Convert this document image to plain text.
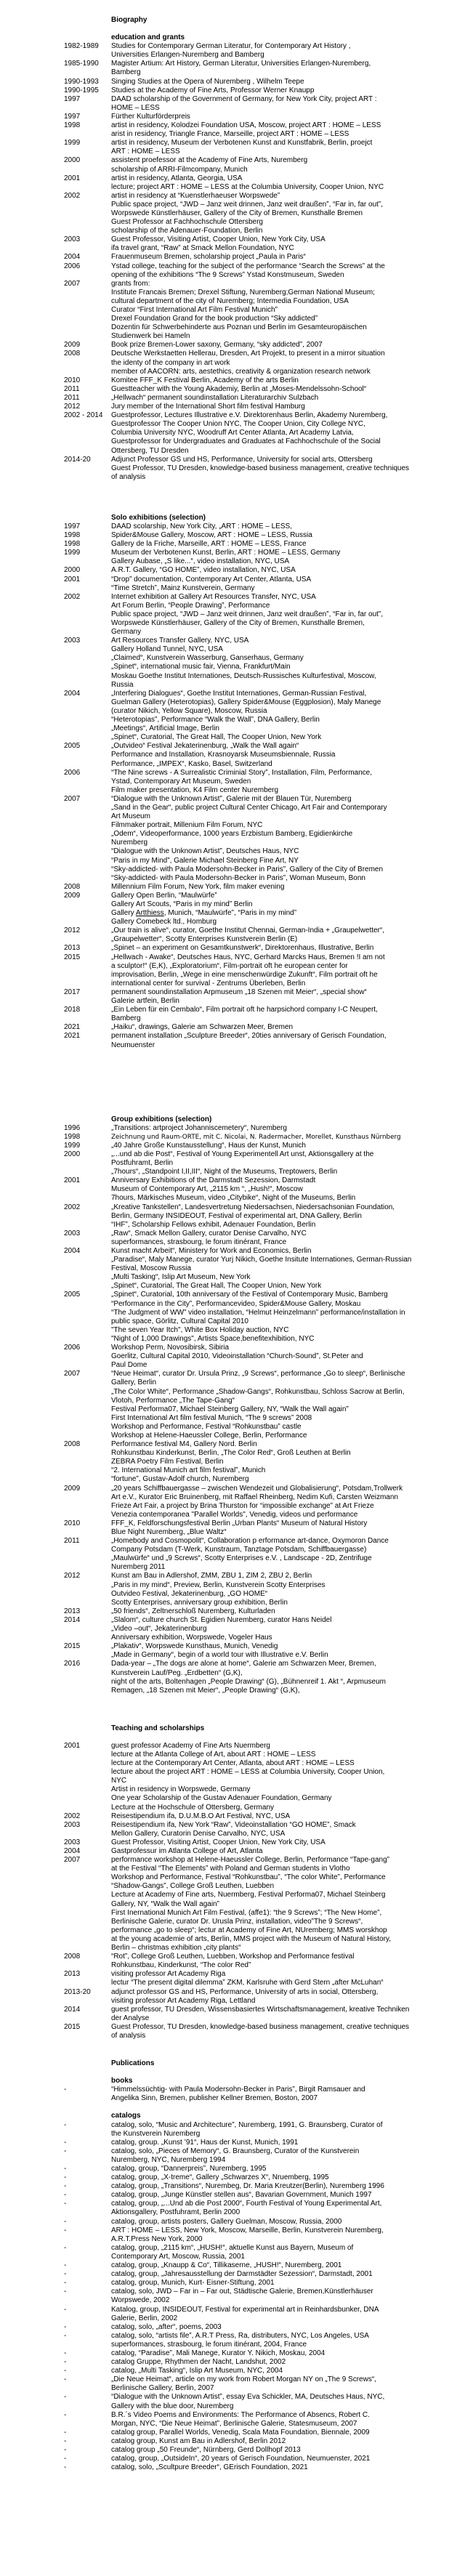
Biography
education and grants
1982-1989	Studies for Contemporary German Literatur, for Contemporary Art History ,
Universities Erlangen-Nuremberg and Bamberg
1985-1990	Magister Artium: Art History, German Literatur, Universities Erlangen-Nuremberg,
Bamberg
1990-1993	Singing Studies at the Opera of Nuremberg , Wilhelm Teepe
1990-1995	Studies at the Academy of Fine Arts, Professor Werner Knaupp
1997	DAAD scholarship of the Government of Germany, for New York City, project ART :
HOME – LESS
1997	Fürther Kulturförderpreis
1998	artist in residency, Kolodzei Foundation USA, Moscow, project ART : HOME – LESS
arist in residency, Triangle France, Marseille, project ART : HOME – LESS
1999	artist in residency, Museum der Verbotenen Kunst and Kunstfabrik, Berlin, proejct
ART : HOME – LESS
2000	assistent proefessor at the Academy of Fine Arts, Nuremberg
scholarship of ARRI-Filmcompany, Munich
2001	artist in residency, Atlanta, Georgia, USA
lecture; project ART : HOME – LESS at the Columbia University, Cooper Union, NYC
2002	artist in residency at “Kuenstlerhaeuser Worpswede”
Public space project, “JWD – Janz weit drinnen, Janz weit draußen”, “Far in, far out”,
Worpswede Künstlerhäuser, Gallery of the City of Bremen, Kunsthalle Bremen
Guest Professor at Fachhochschule Ottersberg
scholarship of the Adenauer-Foundation, Berlin
2003	Guest Professor, Visiting Artist, Cooper Union, New York City, USA
ifa travel grant, “Raw” at Smack Mellon Foundation, NYC
2004	Frauenmuseum Bremen, scholarship project „Paula in Paris“
2006	Ystad college, teaching for the subject of the performance “Search the Screws” at the
opening of the exhibitions “The 9 Screws” Ystad Konstmuseum, Sweden
2007	grants from:
Institute Francais Bremen; Drexel Stiftung, Nuremberg;German National Museum;
cultural department of the city of Nuremberg; Intermedia Foundation, USA
Curator “First International Art Film Festival Munich”
Drexel Foundation Grand for the book production “Sky addicted”
Dozentin für Schwerbehinderte aus Poznan und Berlin im Gesamteuropäischen
Studienwerk bei Hameln
2009	Book prize Bremen-Lower saxony, Germany, “sky addicted”, 2007
2008	Deutsche Werkstaetten Hellerau, Dresden, Art Projekt, to present in a mirror situation
the identy of the company in art work
member of AACORN: arts, aestethics, creativity & organization research network
2010	Komitee FFF_K Festival Berlin, Academy of the arts Berlin
2011	Guestteacher with the Young Akademiy, Berlin at „Moses-Mendelssohn-School“
2011	„Hellwach“ permanent soundinstallation Literaturarchiv Sulzbach
2012	Jury member of the International Short film festival Hamburg
2002 - 2014	Guestprofessor, Lectures Illustrative e.V. Direktorenhaus Berlin, Akademy Nuremberg,
Guestprofessor The Cooper Union NYC, The Cooper Union, City College NYC,
Columbia University NYC, Woodruff Art Center Atlanta, Art Academy Latvia,
Guestprofessor for Undergraduates and Graduates at Fachhochschule of the Social
Ottersberg, TU Dresden
2014-20	Adjunct Professor GS und HS, Performance, University for social arts, Ottersberg
Guest Professor, TU Dresden, knowledge-based business management, creative techniques
of analysis
Solo exhibitions (selection)
1997	DAAD scolarship, New York City, „ART : HOME – LESS,
1998	Spider&Mouse Gallery, Moscow, ART : HOME – LESS, Russia
1998	Gallery de la Friche, Marseille, ART : HOME – LESS, France
1999	Museum der Verbotenen Kunst, Berlin, ART : HOME – LESS, Germany
Gallery Aubase, „S like...“, video installation, NYC, USA
2000	A.R.T. Gallery, “GO HOME”, video installation, NYC, USA
2001	“Drop” documentation, Contemporary Art Center, Atlanta, USA
“Time Stretch”, Mainz Kunstverein, Germany
2002	Internet exhibition at Gallery Art Resources Transfer, NYC, USA
Art Forum Berlin, “People Drawing”, Performance
Public space project, “JWD – Janz weit drinnen, Janz weit draußen”, “Far in, far out”,
Worpswede Künstlerhäuser, Gallery of the City of Bremen, Kunsthalle Bremen,
Germany
2003	Art Resources Transfer Gallery, NYC, USA
Gallery Holland Tunnel, NYC, USA
„Claimed“, Kunstverein Wasserburg, Ganserhaus, Germany
„Spinet“, international music fair, Vienna, Frankfurt/Main
Moskau Goethe Institut Internationes, Deutsch-Russisches Kulturfestival, Moscow,
Russia
2004	„Interfering Dialogues“, Goethe Institut Internationes, German-Russian Festival,
Guelman Gallery (Heterotopias), Gallery Spider&Mouse (Eggplosion), Maly Manege
(curator Nikich, Yellow Square), Moscow, Russia
“Heterotopias”, Performance “Walk the Wall”, DNA Gallery, Berlin
„Meetings“, Artificial Image, Berlin
„Spinet“, Curatorial, The Great Hall, The Cooper Union, New York
2005	„Outvideo“ Festival Jekaterinenburg, „Walk the Wall again“
Performance and Installation, Krasnoyarsk Museumsbiennale, Russia
Performance, „IMPEX“, Kasko, Basel, Switzerland
2006	“The Nine screws - A Surrealistic Criminial Story”, Installation, Film, Performance,
Ystad, Contemporary Art Museum, Sweden
Film maker presentation, K4 Film center Nuremberg
2007	“Dialogue with the Unknown Artist”, Galerie mit der Blauen Tür, Nuremberg
„Sand in the Gear“, public project Cultural Center Chicago, Art Fair and Contemporary
Art Museum
Filmmaker portrait, Millenium Film Forum, NYC
„Odem“, Videoperformance, 1000 years Erzbistum Bamberg, Egidienkirche
Nuremberg
“Dialogue with the Unknown Artist”, Deutsches Haus, NYC
“Paris in my Mind”, Galerie Michael Steinberg Fine Art, NY
“Sky-addicted- with Paula Modersohn-Becker in Paris”, Gallery of the City of Bremen
“Sky-addicted- with Paula Modersohn-Becker in Paris”, Woman Museum, Bonn
2008	Millennium Film Forum, New York, film maker evening
2009	Gallery Open Berlin, “Maulwürfe”
Gallery Art Scouts, “Paris in my mind” Berlin
Gallery Artthiess, Munich, “Maulwürfe”, “Paris in my mind”
Gallery Comebeck ltd., Homburg
2012	„Our train is alive“, curator, Goethe Institut Chennai, German-India + „Graupelwetter“,
„Graupelwetter“, Scotty Enterprises Kunstverein Berlin (E)
2013	„Spinet – an experiment on Gesamtkunstwerk“, Direktorenhaus, Illustrative, Berlin
2015	„Hellwach - Awake“, Deutsches Haus, NYC, Gerhard Marcks Haus, Bremen !I am not
a sculptor!“ (E,K), „Exploratorium“, Film-portrait oft he european center for
improvisation, Berlin, „Wege in eine menschenwürdige Zukunft“, Film portrait oft he
international center for survival - Zentrums Überleben, Berlin
2017	permanent soundinstallation Arpmuseum „18 Szenen mit Meier“, „special show“
Galerie artfein, Berlin
2018	„Ein Leben für ein Cembalo“, Film portrait oft he harpsichord company I-C Neupert,
Bamberg
2021	„Haiku“, drawings, Galerie am Schwarzen Meer, Bremen
2021	permanent installation „Sculpture Breeder“, 20ties anniversary of Gerisch Foundation,
Neumuenster
Group exhibitions (selection)
1996	„Transitions: artproject Johanniscemetery“, Nuremberg
1998	Zeichnung und Raum-ORTE, mit C. Nicolai, N. Radermacher, Morellet, Kunsthaus Nürnberg
1999	„40 Jahre Große Kunstausstellung“, Haus der Kunst, Munich
2000	„...und ab die Post“, Festival of Young Experimentell Art unst, Aktionsgallery at the
Postfuhramt, Berlin
„7hours“, „Standpoint I,II,III“, Night of the Museums, Treptowers, Berlin
2001	Anniversary Exhibitions of the Darmstadt Sezession, Darmstadt
Museum of Contemporary Art, „2115 km “, „Hush!“, Moscow
7hours, Märkisches Museum, video „Citybike“, Night of the Museums, Berlin
2002	„Kreative Tankstellen“, Landesvertretung Niedersachsen, Niedersachsonian Foundation,
Berlin, Germany INSIDEOUT, Festival of experimental art, DNA Gallery, Berlin
“IHF”, Scholarship Fellows exhibit, Adenauer Foundation, Berlin
2003	„Raw“, Smack Mellon Gallery, curator Denise Carvalho, NYC
superformances, strasbourg, le forum itinérant, France
2004	Kunst macht Arbeit“, Ministery for Work and Economics, Berlin
„Paradise“, Maly Manege, curator Yurj Nikich, Goethe Insitute Internationes, German-Russian
Festival, Moscow Russia
„Multi Tasking“, Islip Art Museum, New York
„Spinet“, Curatorial, The Great Hall, The Cooper Union, New York
2005	„Spinet“, Curatorial, 10th anniversary of the Festival of Contemporary Music, Bamberg
“Performance in the City”, Performancevideo, Spider&Mouse Gallery, Moskau
“The Judgment of WW” video installation, “Helmut Heinzelmann” performance/installation in
public space, Görlitz, Cultural Capital 2010
"The seven Year Itch", White Box Holiday auction, NYC
"Night of 1,000 Drawings", Artists Space,benefitexhibition, NYC
2006	Workshop Perm, Novosibirsk, Sibiria
Goerlitz, Cultural Capital 2010, Videoinstallation “Church-Sound”, St.Peter and
Paul Dome
2007	“Neue Heimat“, curator Dr. Ursula Prinz, „9 Screws“, performance „Go to sleep“, Berlinische
Gallery, Berlin
„The Color White“, Performance „Shadow-Gangs“, Rohkunstbau, Schloss Sacrow at Berlin,
Vlotoh, Performance „The Tape-Gang“
Festival Performa07, Michael Steinberg Gallery, NY, “Walk the Wall again”
First International Art film festival Munich, “The 9 screws” 2008
Workshop and Performance, Festival “Rohkunstbau” castle
Workshop at Helene-Haeussler College, Berlin, Performance
2008	Performance festival M4, Gallery Nord. Berlin
Rohkunstbau Kinderkunst, Berlin, „The Color Red“, Groß Leuthen at Berlin
ZEBRA Poetry Film Festival, Berlin
“2. International Munich art film festival”, Munich
“fortune”, Gustav-Adolf church, Nuremberg
2009	„20 years Schiffbauergasse – zwischen Wendezeit und Globalisierung“, Potsdam,Trollwerk
Art e.V., Kurator Eric Bruinenberg, mit Raffael Rheinberg, Nedim Kufi, Carsten Weizmann
Frieze Art Fair, a project by Brina Thurston for “impossible exchange” at Art Frieze
Venezia contemporanea "Parallel Worlds", Venedig, videos und performance
2010	FFF_K, Feldforschungsfestival Berlin „Urban Plants“ Museum of Natural History
Blue Night Nuremberg, „Blue Waltz“
2011	„Homebody and Cosmopolit“, Collaboration p erformance art-dance, Oxymoron Dance
Company Potsdam (T-Werk, Kunstraum, Tanztage Potsdam, Schiffbauergasse)
„Maulwürfe“ und „9 Screws“, Scotty Enterprises e.V. , Landscape - 2D, Zentrifuge
Nuremberg 2011
2012	Kunst am Bau in Adlershof, ZMM, ZBU 1, ZIM 2, ZBU 2, Berlin
„Paris in my mind“, Preview, Berlin, Kunstverein Scotty Enterprises
Outvideo Festival, Jekaterinenburg, „GO HOME“
Scotty Enterprises, anniversary group exhibition, Berlin
2013	„50 friends“, Zeltnerschloß Nuremberg, Kulturladen
2014	„Slalom“, culture church St. Egidien Nuremberg, curator Hans Neidel
„Video –out“, Jekaterinenburg
Anniversary exhibition, Worpswede, Vogeler Haus
2015	„Plakativ“, Worpswede Kunsthaus, Munich, Venedig
„Made in Germany“, begin of a world tour with Illustrative e.V. Berlin
2016	Dada-year – „The dogs are alone at home“, Galerie am Schwarzen Meer, Bremen,
Kunstverein Lauf/Peg. „Erdbetten“ (G,K),
night of the arts, Boltenhagen „People Drawing“ (G), „Bühnenreif 1. Akt “, Arpmuseum
Remagen, „18 Szenen mit Meier“, „People Drawing“ (G,K),
Teaching and scholarships
2001	guest professor Academy of Fine Arts Nuermberg
lecture at the Atlanta College of Art, about ART : HOME – LESS
lecture at the Contemporary Art Center, Atlanta, about ART : HOME – LESS
lecture about the project ART : HOME – LESS at Columbia University, Cooper Union,
NYC
Artist in residency in Worpswede, Germany
One year Scholarship of the Gustav Adenauer Foundation, Germany
Lecture at the Hochschule of Ottersberg, Germany
2002	Reisestipendium ifa, D.U.M.B.O Art Festival, NYC, USA
2003	Reisestipendium ifa, New York “Raw”, Videoinstallation “GO HOME”, Smack
Mellon Gallery, Curatorin Denise Carvalho, NYC, USA
2003	Guest Professor, Visiting Artist, Cooper Union, New York City, USA
2004	Gastprofessur im Atlanta College of Art, Atlanta
2007	performance workshop at Helene-Haeussler College, Berlin, Performance “Tape-gang”
at the Festival “The Elements” with Poland and German students in Vlotho
Workshop and Performance, Festival “Rohkunstbau”, “The color White”, Performance
“Shadow-Gangs”, College Groß Leuthen, Luebben
Lecture at Academy of Fine arts, Nuermberg, Festival Performa07, Michael Steinberg
Gallery, NY, “Walk the Wall again”
First Inernational Munich Art Film Festival, (affe1): “the 9 Screws”; “The New Home”,
Berlinische Galerie, curator Dr. Urusla Prinz, installation, video”The 9 Screws“,
performance „go to sleep“; lectur at Academy of Fine Art, NUremberg; MMS worskhop
at the young academie of arts, Berlin, MMS project with the Museum of Natural History,
Berlin – christmas exhibition „city plants“
2008	“Rot”, College Groß Leuthen, Luebben, Workshop and Performance festival
Rohkunstbau, Kinderkunst, “The color Red”
2013	visiting professor Art Academy Riga
lectur “The present digital dilemma” ZKM, Karlsruhe with Gerd Stern „after McLuhan“
2013-20	adjunct professor GS and HS, Performance, University of arts in social, Ottersberg,
visiting professor Art Academy Riga, Lettland
2014	guest professor, TU Dresden, Wissensbasiertes Wirtschaftsmanagement, kreative Techniken
der Analyse
2015	Guest Professor, TU Dresden, knowledge-based business management, creative techniques
of analysis
Publications
books
-	“Himmelssüchtig- with Paula Modersohn-Becker in Paris”, Birgit Ramsauer and
Angelika Sinn, Bremen, publisher Kellner Bremen, Boston, 2007
catalogs
-	catalog, solo, “Music and Architecture”, Nuremberg, 1991, G. Braunsberg, Curator of
the Kunstverein Nuremberg
-	catalog, group. „Kunst ’91“, Haus der Kunst, Munich, 1991
-	catalog, solo, „Pieces of Memory“, G. Braunsberg, Curator of the Kunstverein
Nuremberg, NYC, Nuremberg 1994
-	catalog, group, “Dannerpreis”, Nuremberg, 1995
-	catalog, group, „X-treme“, Gallery „Schwarzes X“, Nruemberg, 1995
-	catalog, group, „Transitions“, Nurembeg, Dr. Maria Kreutzer(Berlin), Nuremberg 1996
-	catalog, group, „Junge Künstler stellen aus“, Bavarian Government, Munich 1997
-	catalog, group, „...Und ab die Post 2000“, Fourth Festival of Young Experimental Art,
Aktionsgallery, Postfuhramt, Berlin 2000
-	catalog, group, artists posters, Gallery Guelman, Moscow, Russia, 2000
-	ART : HOME – LESS, New York, Moscow, Marseille, Berlin, Kunstverein Nuremberg,
A.R.T.Press New York, 2000
-	catalog, group, „2115 km“, „HUSH!“, aktuelle Kunst aus Bayern, Museum of
Contemporary Art, Moscow, Russia, 2001
-	catalog, group, „Knaupp & Co“, Tillikaserne, „HUSH!“, Nuremberg, 2001
-	catalog, group, „Jahresausstellung der Darmstädter Sezession“, Darmstadt, 2001
-	catalog, group, Munich, Kurt- Eisner-Stiftung, 2001
-	catalog, solo, JWD – Far in – Far out, Städtische Galerie, Bremen,Künstlerhäuser
Worpswede, 2002
-	Katalog, group, INSIDEOUT, Festival for experimental art in Reinhardsbunker, DNA
Galerie, Berlin, 2002
-	catalog, solo, „after“, poems, 2003
-	catalog, solo, “artists file”, A.R.T Press, Ra, distributers, NYC, Los Angeles, USA
superformances, strasbourg, le forum itinérant, 2004, France
-	catalog, “Paradise”, Mali Manege, Kurator Y. Nikich, Moskau, 2004
-	catalog Gruppe, Rhythmen der Nacht, Landshut, 2002
-	catalog, „Multi Tasking“, Islip Art Museum, NYC, 2004
-	„Die Neue Heimat“, article on my work from Robert Morgan NY on „The 9 Screws“,
Berlinische Gallery, Berlin, 2007
-	“Dialogue with the Unknown Artist”, essay Eva Schickler, MA, Deutsches Haus, NYC,
Gallery with the blue door, Nuremberg
-	B.R.´s Video Poems and Environments: The Performance of Absencs, Robert C.
Morgan, NYC, “Die Neue Heimat”, Berlinische Galerie, Statesmuseum, 2007
-	catalog group, Parallel Worlds, Venedig, Scala Mata Foundation, Biennale, 2009
-	catalog group, Kunst am Bau in Adlershof, Berlin 2012
-	catalog group „50 Freunde“, Nürnberg, Gerd Dollhopf 2013
-	catalog, group, „OutsideIn“, 20 years of Gerisch Foundation, Neumuenster, 2021
-	catalog, solo, „Scultpure Breeder“, GErisch Foundation, 2021
